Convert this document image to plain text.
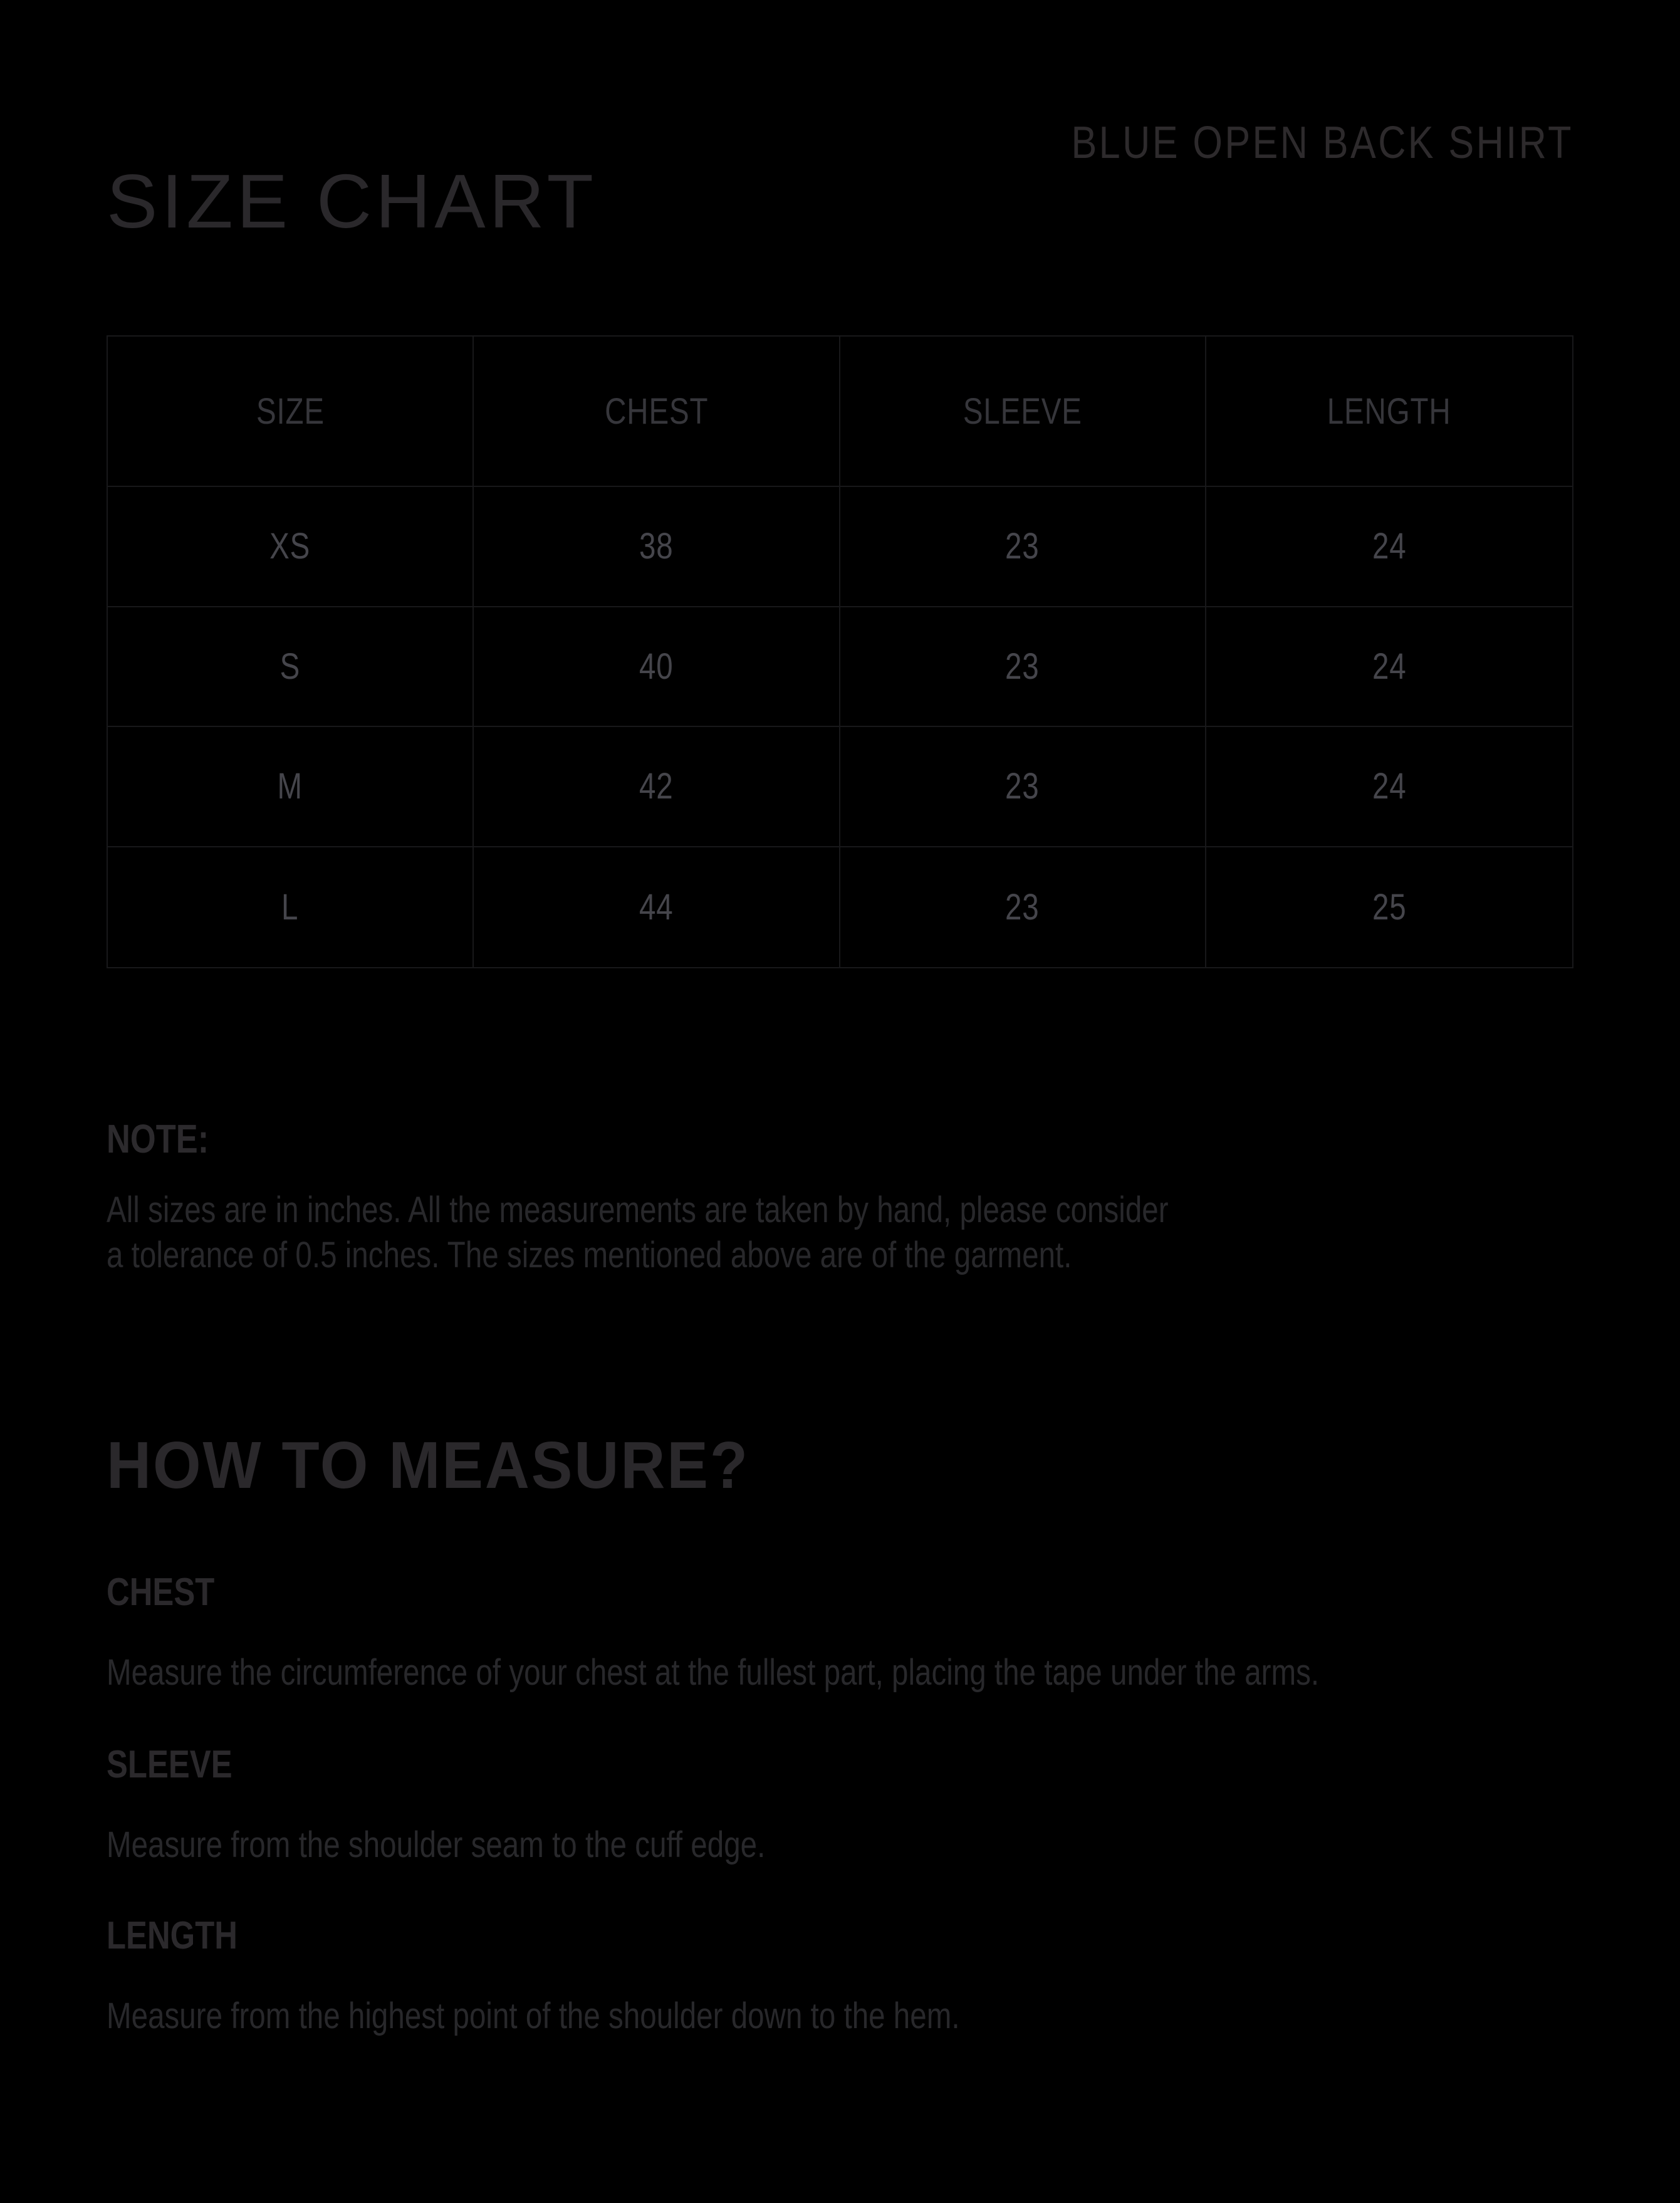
SIZE CHART
BLUE OPEN BACK SHIRT
SIZE	CHEST	SLEEVE	LENGTH
XS	38	23	24
S	40	23	24
M	42	23	24
L	44	23	25
NOTE:
All sizes are in inches. All the measurements are taken by hand, please consider
a tolerance of 0.5 inches. The sizes mentioned above are of the garment.
HOW TO MEASURE?
CHEST
Measure the circumference of your chest at the fullest part, placing the tape under the arms.
SLEEVE
Measure from the shoulder seam to the cuff edge.
LENGTH
Measure from the highest point of the shoulder down to the hem.
